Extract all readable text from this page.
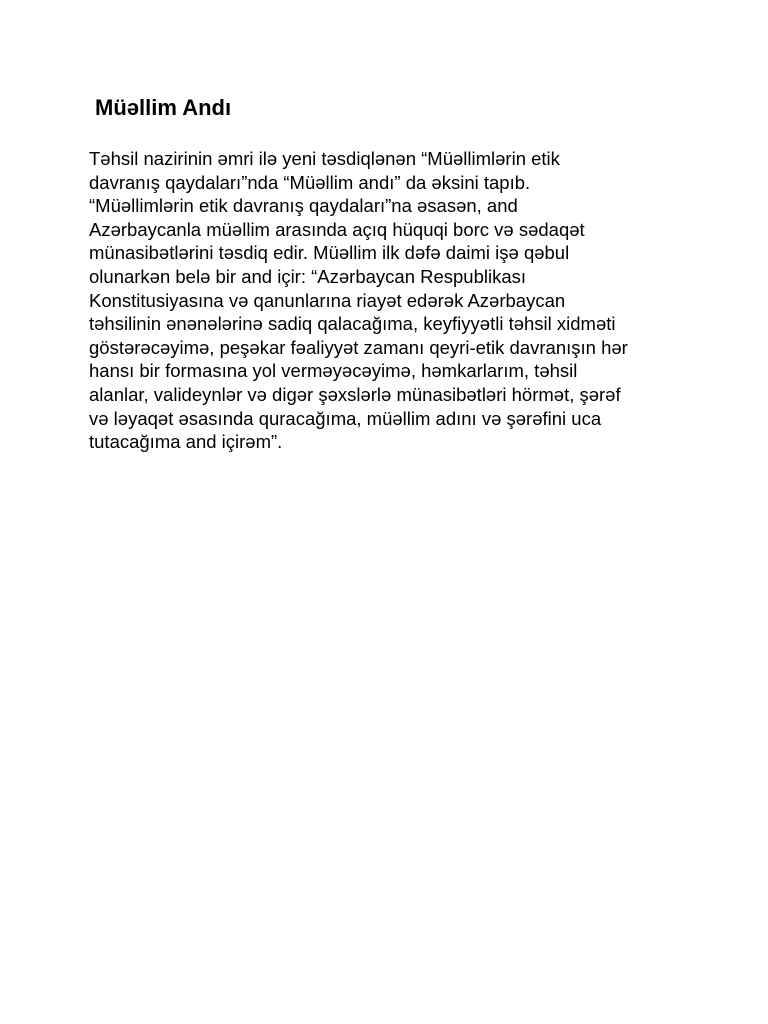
Müəllim Andı
Təhsil nazirinin əmri ilə yeni təsdiqlənən “Müəllimlərin etik
davranış qaydaları”nda “Müəllim andı” da əksini tapıb.
“Müəllimlərin etik davranış qaydaları”na əsasən, and
Azərbaycanla müəllim arasında açıq hüquqi borc və sədaqət
münasibətlərini təsdiq edir. Müəllim ilk dəfə daimi işə qəbul
olunarkən belə bir and içir: “Azərbaycan Respublikası
Konstitusiyasına və qanunlarına riayət edərək Azərbaycan
təhsilinin ənənələrinə sadiq qalacağıma, keyfiyyətli təhsil xidməti
göstərəcəyimə, peşəkar fəaliyyət zamanı qeyri-etik davranışın hər
hansı bir formasına yol verməyəcəyimə, həmkarlarım, təhsil
alanlar, valideynlər və digər şəxslərlə münasibətləri hörmət, şərəf
və ləyaqət əsasında quracağıma, müəllim adını və şərəfini uca
tutacağıma and içirəm”.
